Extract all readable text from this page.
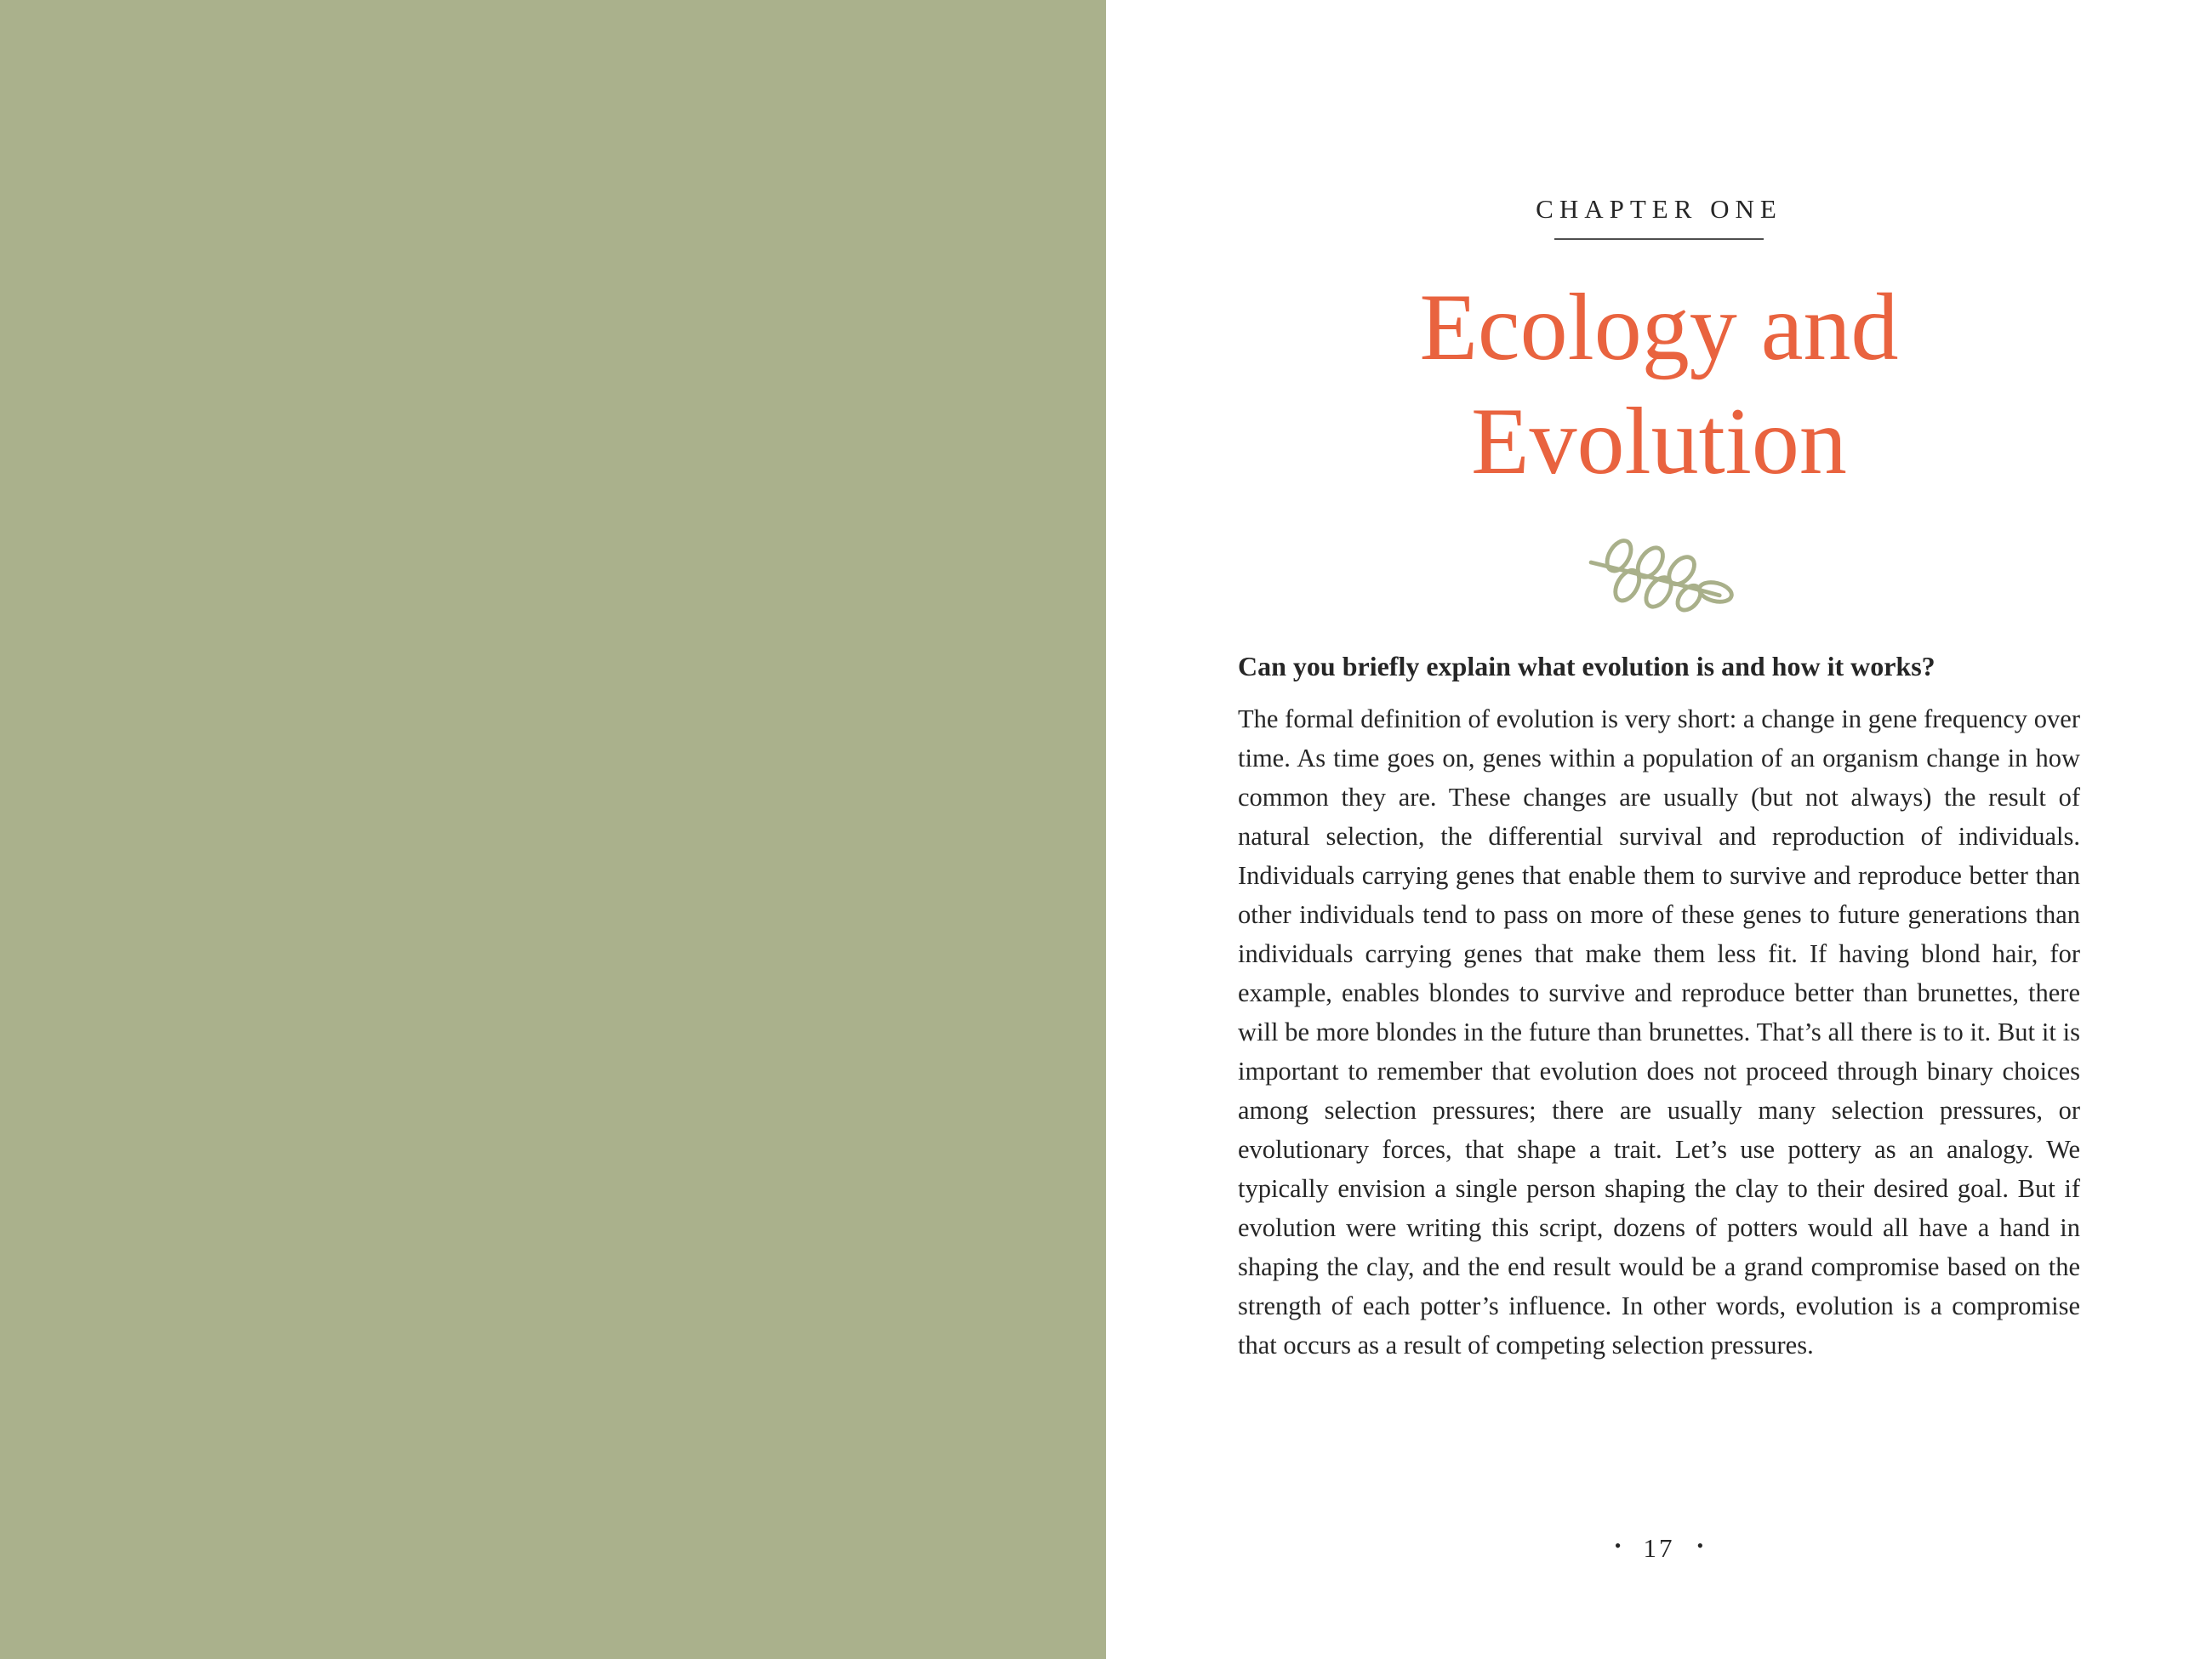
CHAPTER ONE
Ecology and
Evolution
Can you briefly explain what evolution is and how it works?
The formal definition of evolution is very short: a change in gene frequency over time. As time goes on, genes within a population of an organism change in how common they are. These changes are usually (but not always) the result of natural selection, the differential survival and reproduction of individuals. Individuals carrying genes that enable them to survive and reproduce better than other individuals tend to pass on more of these genes to future generations than individuals carrying genes that make them less fit. If having blond hair, for example, enables blondes to survive and reproduce better than brunettes, there will be more blondes in the future than brunettes. That’s all there is to it. But it is important to remember that evolution does not proceed through binary choices among selection pressures; there are usually many selection pressures, or evolutionary forces, that shape a trait. Let’s use pottery as an analogy. We typically envision a single person shaping the clay to their desired goal. But if evolution were writing this script, dozens of potters would all have a hand in shaping the clay, and the end result would be a grand compromise based on the strength of each potter’s influence. In other words, evolution is a compromise that occurs as a result of competing selection pressures.
• 17 •
